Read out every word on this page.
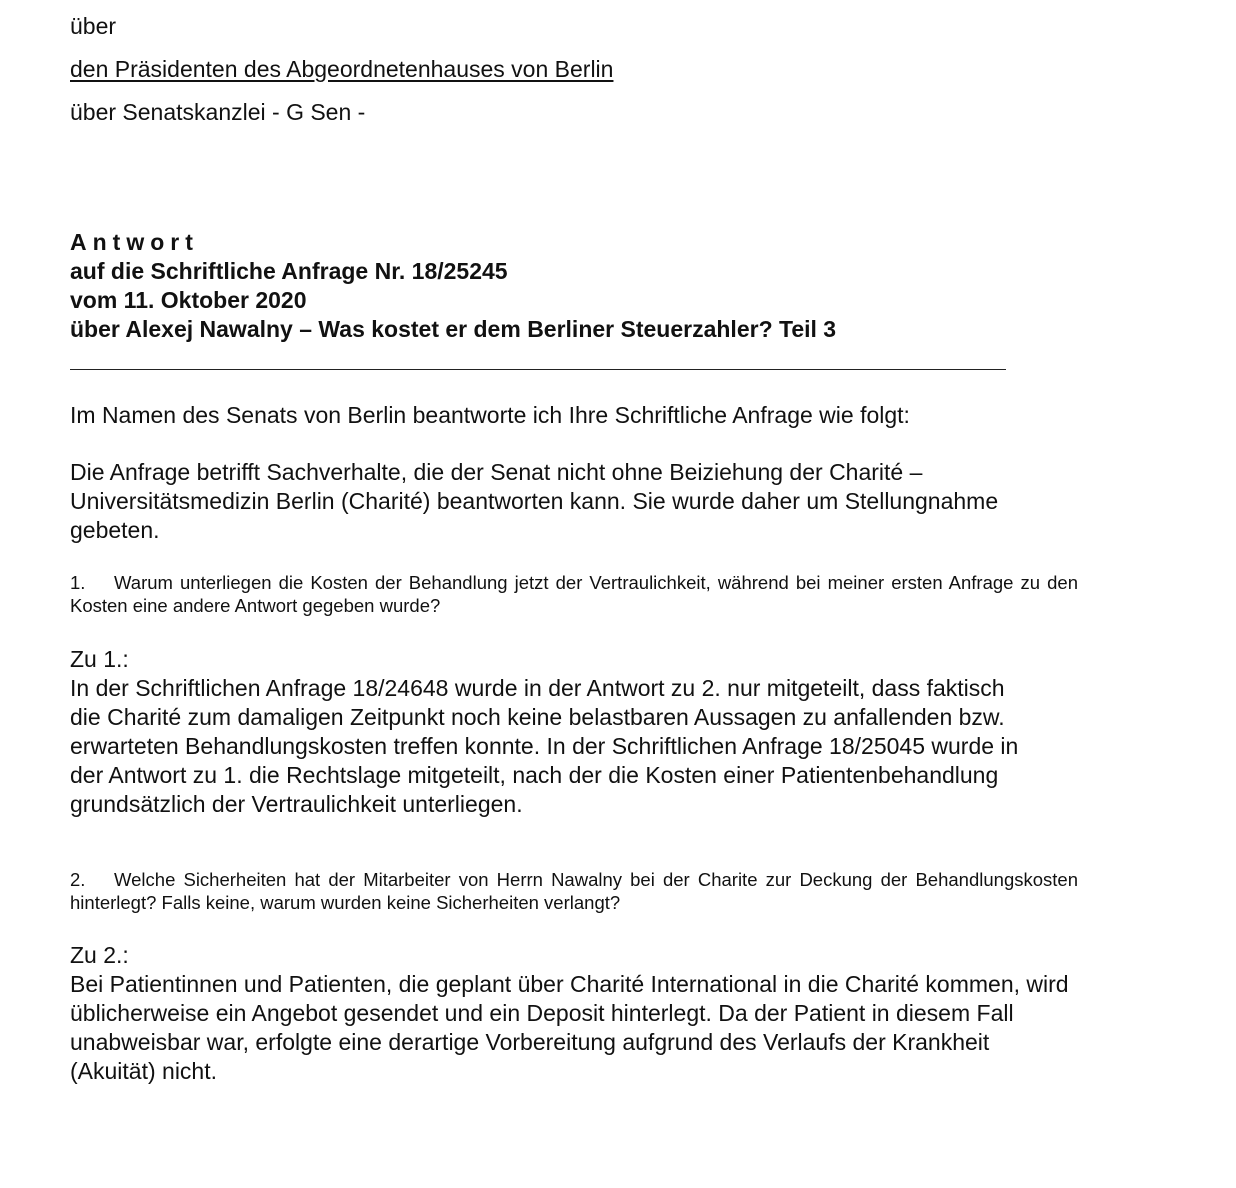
über
den Präsidenten des Abgeordnetenhauses von Berlin
über Senatskanzlei - G Sen -
Antwort
auf die Schriftliche Anfrage Nr. 18/25245
vom 11. Oktober 2020
über Alexej Nawalny – Was kostet er dem Berliner Steuerzahler? Teil 3
Im Namen des Senats von Berlin beantworte ich Ihre Schriftliche Anfrage wie folgt:
Die Anfrage betrifft Sachverhalte, die der Senat nicht ohne Beiziehung der Charité – Universitätsmedizin Berlin (Charité) beantworten kann. Sie wurde daher um Stellungnahme gebeten.
1. Warum unterliegen die Kosten der Behandlung jetzt der Vertraulichkeit, während bei meiner ersten Anfrage zu den Kosten eine andere Antwort gegeben wurde?
Zu 1.:
In der Schriftlichen Anfrage 18/24648 wurde in der Antwort zu 2. nur mitgeteilt, dass faktisch die Charité zum damaligen Zeitpunkt noch keine belastbaren Aussagen zu anfallenden bzw. erwarteten Behandlungskosten treffen konnte. In der Schriftlichen Anfrage 18/25045 wurde in der Antwort zu 1. die Rechtslage mitgeteilt, nach der die Kosten einer Patientenbehandlung grundsätzlich der Vertraulichkeit unterliegen.
2. Welche Sicherheiten hat der Mitarbeiter von Herrn Nawalny bei der Charite zur Deckung der Behandlungskosten hinterlegt? Falls keine, warum wurden keine Sicherheiten verlangt?
Zu 2.:
Bei Patientinnen und Patienten, die geplant über Charité International in die Charité kommen, wird üblicherweise ein Angebot gesendet und ein Deposit hinterlegt. Da der Patient in diesem Fall unabweisbar war, erfolgte eine derartige Vorbereitung aufgrund des Verlaufs der Krankheit (Akuität) nicht.
